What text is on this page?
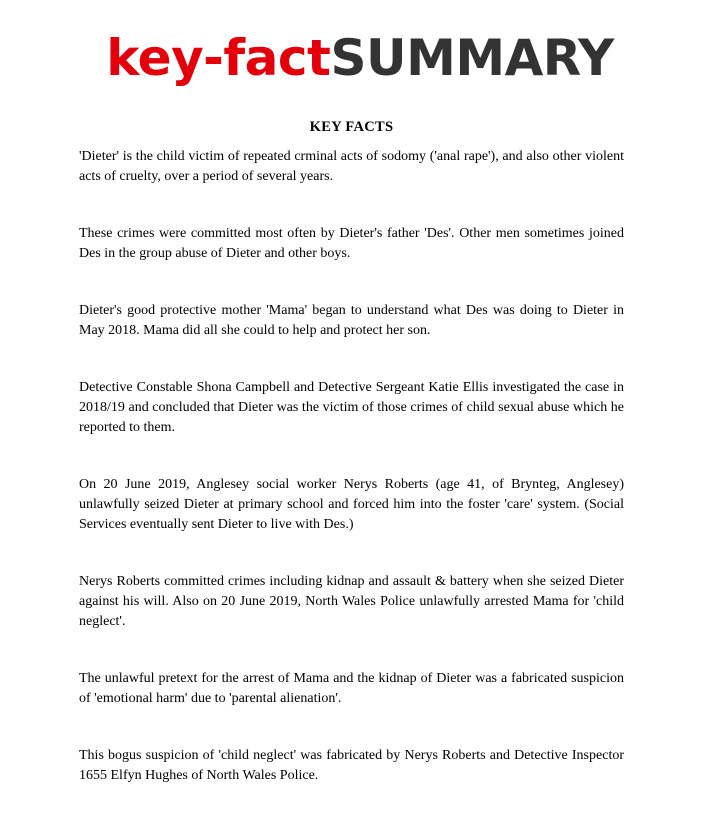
key-factSUMMARY
KEY FACTS

'Dieter' is the child victim of repeated crminal acts of sodomy ('anal rape'), and also other violent acts of cruelty, over a period of several years.

These crimes were committed most often by Dieter's father 'Des'. Other men sometimes joined Des in the group abuse of Dieter and other boys.

Dieter's good protective mother 'Mama' began to understand what Des was doing to Dieter in May 2018. Mama did all she could to help and protect her son.

Detective Constable Shona Campbell and Detective Sergeant Katie Ellis investigated the case in 2018/19 and concluded that Dieter was the victim of those crimes of child sexual abuse which he reported to them.

On 20 June 2019, Anglesey social worker Nerys Roberts (age 41, of Brynteg, Anglesey) unlawfully seized Dieter at primary school and forced him into the foster 'care' system. (Social Services eventually sent Dieter to live with Des.)

Nerys Roberts committed crimes including kidnap and assault & battery when she seized Dieter against his will. Also on 20 June 2019, North Wales Police unlawfully arrested Mama for 'child neglect'.

The unlawful pretext for the arrest of Mama and the kidnap of Dieter was a fabricated suspicion of 'emotional harm' due to 'parental alienation'.

This bogus suspicion of 'child neglect' was fabricated by Nerys Roberts and Detective Inspector 1655 Elfyn Hughes of North Wales Police.
